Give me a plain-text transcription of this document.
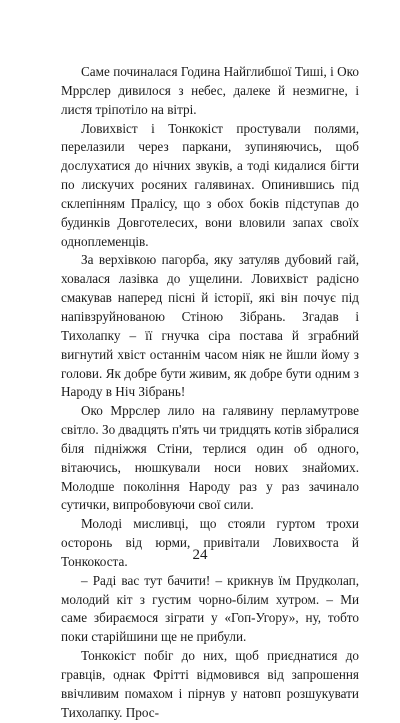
Саме починалася Година Найглибшої Тиші, і Око Мррслер дивилося з небес, далеке й незмигне, і листя тріпотіло на вітрі.

Ловихвіст і Тонкокіст простували полями, перелазили через паркани, зупиняючись, щоб дослухатися до нічних звуків, а тоді кидалися бігти по лискучих росяних галявинах. Опинившись під склепінням Пралісу, що з обох боків підступав до будинків Довготелесих, вони вловили запах своїх одноплеменців.

За верхівкою пагорба, яку затуляв дубовий гай, ховалася лазівка до ущелини. Ловихвіст радісно смакував наперед пісні й історії, які він почує під напівзруйнованою Стіною Зібрань. Згадав і Тихолапку – її гнучка сіра постава й зграбний вигнутий хвіст останнім часом ніяк не йшли йому з голови. Як добре бути живим, як добре бути одним з Народу в Ніч Зібрань!

Око Мррслер лило на галявину перламутрове світло. Зо двадцять п'ять чи тридцять котів зібралися біля підніжжя Стіни, терлися один об одного, вітаючись, нюшкували носи нових знайомих. Молодше покоління Народу раз у раз зачинало сутички, випробовуючи свої сили.

Молоді мисливці, що стояли гуртом трохи осторонь від юрми, привітали Ловихвоста й Тонкокоста.

– Раді вас тут бачити! – крикнув їм Прудколап, молодий кіт з густим чорно-білим хутром. – Ми саме збираємося зіграти у «Гоп-Угору», ну, тобто поки старійшини ще не прибули.

Тонкокіст побіг до них, щоб приєднатися до гравців, однак Фрітті відмовився від запрошення ввічливим помахом і пірнув у натовп розшукувати Тихолапку. Прос-

24
